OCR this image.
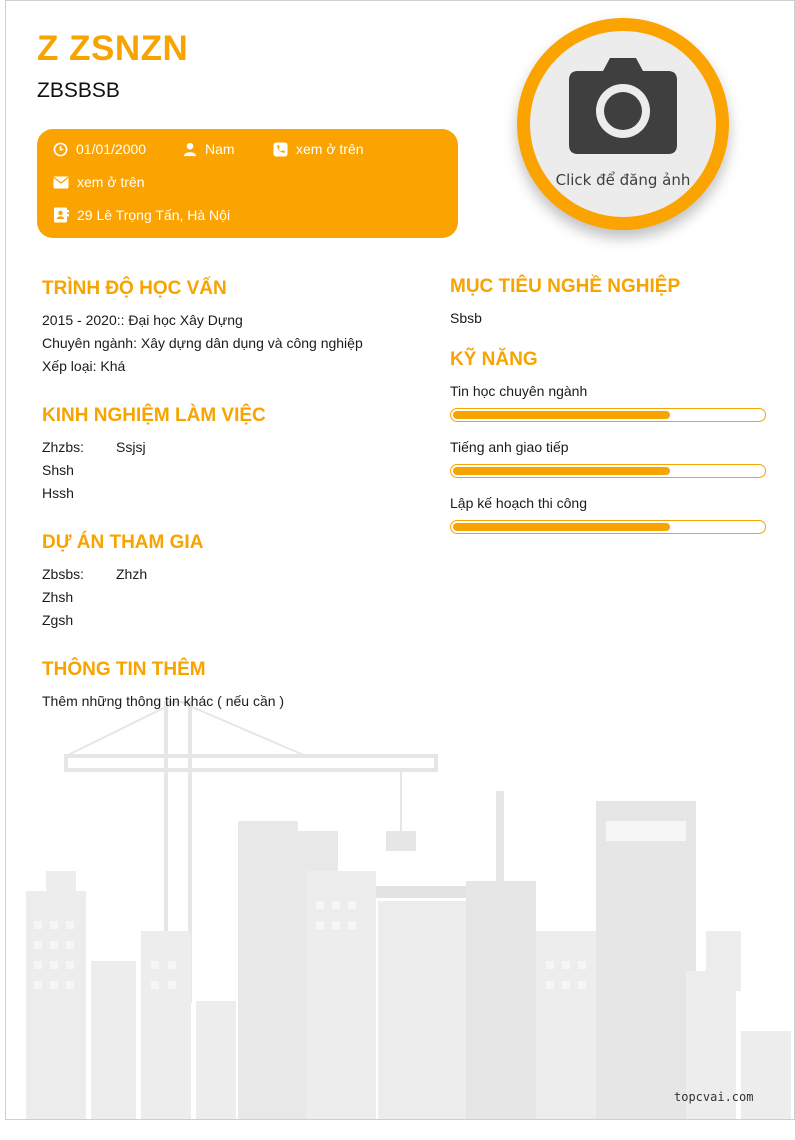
Z ZSNZN
ZBSBSB
01/01/2000	Nam	xem ở trên
xem ở trên
29 Lê Trọng Tấn, Hà Nội
Click để đăng ảnh
TRÌNH ĐỘ HỌC VẤN
2015 - 2020:: Đại học Xây Dựng
Chuyên ngành: Xây dựng dân dụng và công nghiệp
Xếp loại: Khá
KINH NGHIỆM LÀM VIỆC
Zhzbs: Ssjsj
Shsh
Hssh
DỰ ÁN THAM GIA
Zbsbs: Zhzh
Zhsh
Zgsh
THÔNG TIN THÊM
Thêm những thông tin khác ( nếu cần )
MỤC TIÊU NGHỀ NGHIỆP
Sbsb
KỸ NĂNG
Tin học chuyên ngành
Tiếng anh giao tiếp
Lập kế hoạch thi công
topcvai.com
